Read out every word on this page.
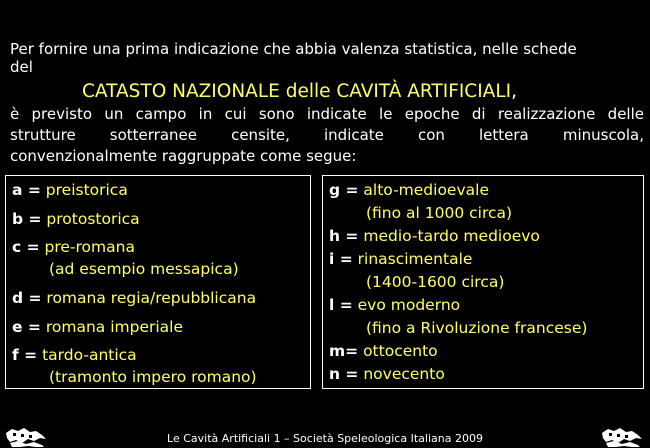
Per fornire una prima indicazione che abbia valenza statistica, nelle schede
del
CATASTO NAZIONALE delle CAVITÀ ARTIFICIALI,
è previsto un campo in cui sono indicate le epoche di realizzazione delle
strutture sotterranee censite, indicate con lettera minuscola,
convenzionalmente raggruppate come segue:
a = preistorica
b = protostorica
c = pre-romana
(ad esempio messapica)
d = romana regia/repubblicana
e = romana imperiale
f = tardo-antica
(tramonto impero romano)
g = alto-medioevale
(fino al 1000 circa)
h = medio-tardo medioevo
i = rinascimentale
(1400-1600 circa)
l = evo moderno
(fino a Rivoluzione francese)
m= ottocento
n = novecento
Le Cavità Artificiali 1 – Società Speleologica Italiana 2009
